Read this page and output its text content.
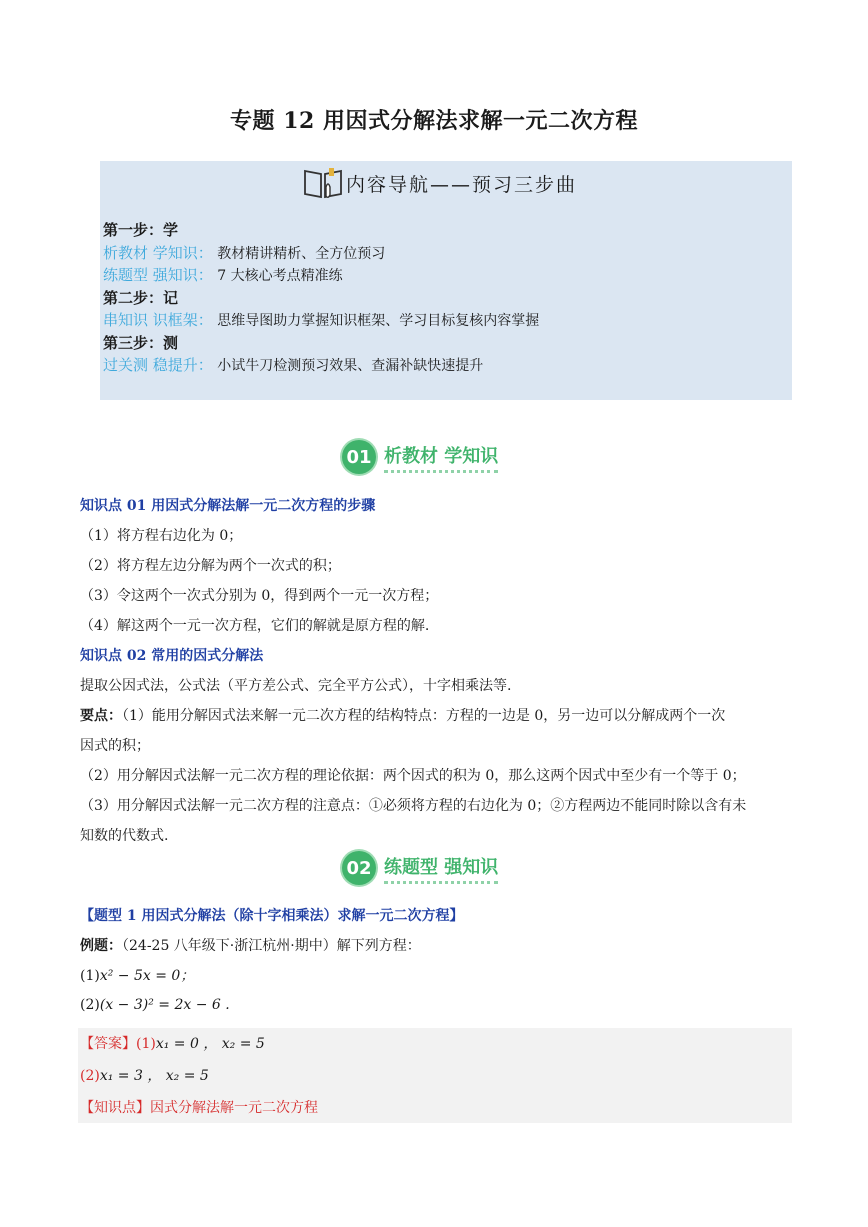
专题 12 用因式分解法求解一元二次方程
内容导航——预习三步曲
第一步：学
析教材 学知识： 教材精讲精析、全方位预习
练题型 强知识： 7 大核心考点精准练
第二步：记
串知识 识框架： 思维导图助力掌握知识框架、学习目标复核内容掌握
第三步：测
过关测 稳提升： 小试牛刀检测预习效果、查漏补缺快速提升
01 析教材 学知识
知识点 01 用因式分解法解一元二次方程的步骤
（1）将方程右边化为 0；
（2）将方程左边分解为两个一次式的积；
（3）令这两个一次式分别为 0，得到两个一元一次方程；
（4）解这两个一元一次方程，它们的解就是原方程的解.
知识点 02 常用的因式分解法
提取公因式法，公式法（平方差公式、完全平方公式），十字相乘法等.
要点：（1）能用分解因式法来解一元二次方程的结构特点：方程的一边是 0，另一边可以分解成两个一次
因式的积；
（2）用分解因式法解一元二次方程的理论依据：两个因式的积为 0，那么这两个因式中至少有一个等于 0；
（3）用分解因式法解一元二次方程的注意点：①必须将方程的右边化为 0；②方程两边不能同时除以含有未
知数的代数式.
02 练题型 强知识
【题型 1 用因式分解法（除十字相乘法）求解一元二次方程】
例题：（24-25 八年级下·浙江杭州·期中）解下列方程：
(1)x² − 5x = 0；
(2)(x − 3)² = 2x − 6 .
【答案】(1)x₁ = 0 ， x₂ = 5
(2)x₁ = 3 ， x₂ = 5
【知识点】因式分解法解一元二次方程
